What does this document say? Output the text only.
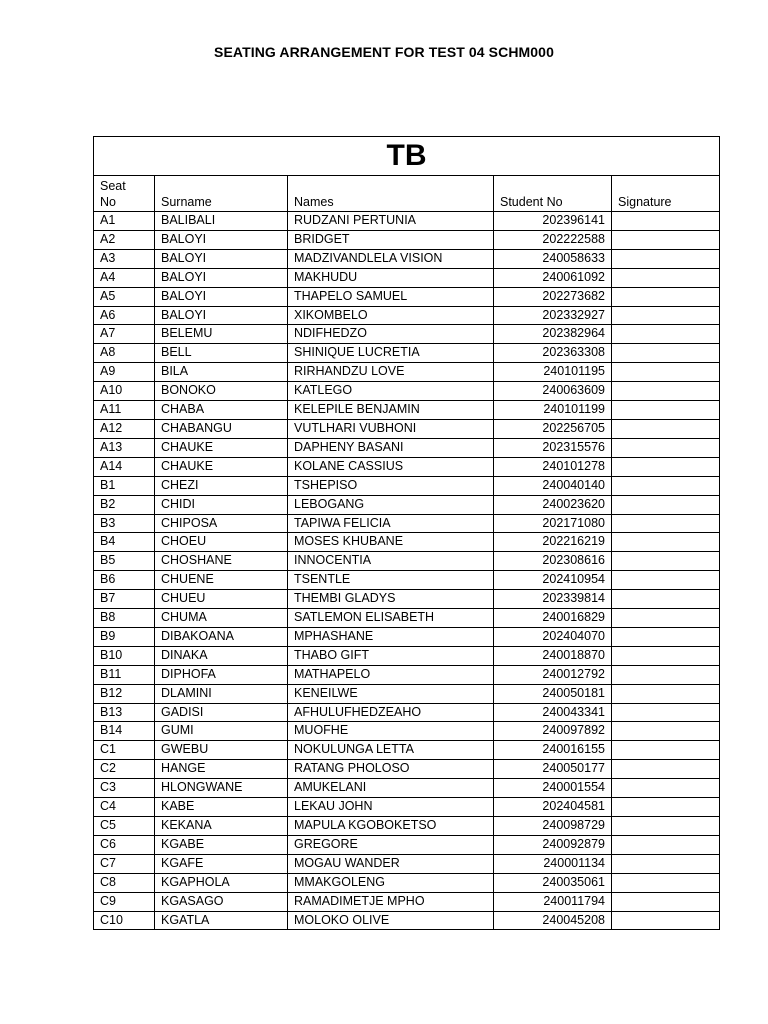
SEATING ARRANGEMENT FOR TEST 04 SCHM000
TB				
Seat
No	Surname	Names	Student No	Signature
A1	BALIBALI	RUDZANI PERTUNIA	202396141	
A2	BALOYI	BRIDGET	202222588	
A3	BALOYI	MADZIVANDLELA VISION	240058633	
A4	BALOYI	MAKHUDU	240061092	
A5	BALOYI	THAPELO SAMUEL	202273682	
A6	BALOYI	XIKOMBELO	202332927	
A7	BELEMU	NDIFHEDZO	202382964	
A8	BELL	SHINIQUE LUCRETIA	202363308	
A9	BILA	RIRHANDZU LOVE	240101195	
A10	BONOKO	KATLEGO	240063609	
A11	CHABA	KELEPILE BENJAMIN	240101199	
A12	CHABANGU	VUTLHARI VUBHONI	202256705	
A13	CHAUKE	DAPHENY BASANI	202315576	
A14	CHAUKE	KOLANE CASSIUS	240101278	
B1	CHEZI	TSHEPISO	240040140	
B2	CHIDI	LEBOGANG	240023620	
B3	CHIPOSA	TAPIWA FELICIA	202171080	
B4	CHOEU	MOSES KHUBANE	202216219	
B5	CHOSHANE	INNOCENTIA	202308616	
B6	CHUENE	TSENTLE	202410954	
B7	CHUEU	THEMBI GLADYS	202339814	
B8	CHUMA	SATLEMON ELISABETH	240016829	
B9	DIBAKOANA	MPHASHANE	202404070	
B10	DINAKA	THABO GIFT	240018870	
B11	DIPHOFA	MATHAPELO	240012792	
B12	DLAMINI	KENEILWE	240050181	
B13	GADISI	AFHULUFHEDZEAHO	240043341	
B14	GUMI	MUOFHE	240097892	
C1	GWEBU	NOKULUNGA LETTA	240016155	
C2	HANGE	RATANG PHOLOSO	240050177	
C3	HLONGWANE	AMUKELANI	240001554	
C4	KABE	LEKAU JOHN	202404581	
C5	KEKANA	MAPULA KGOBOKETSO	240098729	
C6	KGABE	GREGORE	240092879	
C7	KGAFE	MOGAU WANDER	240001134	
C8	KGAPHOLA	MMAKGOLENG	240035061	
C9	KGASAGO	RAMADIMETJE MPHO	240011794	
C10	KGATLA	MOLOKO OLIVE	240045208	
